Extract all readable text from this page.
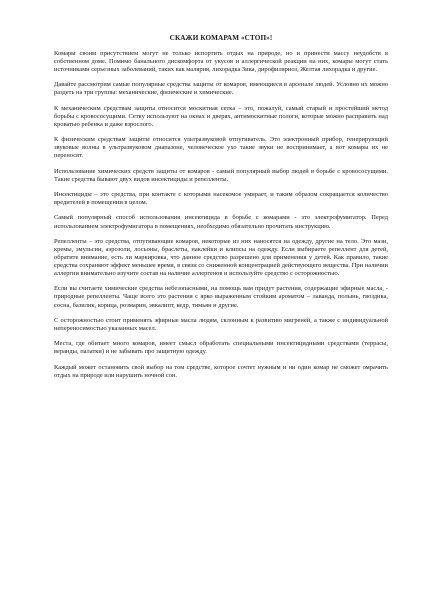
СКАЖИ КОМАРАМ «СТОП»!

Комары своим присутствием могут не только испортить отдых на природе, но и принести массу неудобств в собственном доме. Помимо банального дискомфорта от укусов и аллергической реакции на них, комары могут стать источниками серьезных заболеваний, таких как малярия, лихорадка Зика, дирофиляриоз, Желтая лихорадка и другие.

Давайте рассмотрим самые популярные средства защиты от комаров, имеющиеся в арсенале людей. Условно их можно раздеть на три группы: механические, физические и химические.

К механическим средствам защиты относится москитная сетка – это, пожалуй, самый старый и простейший метод борьбы с кровососущими. Сетку используют на окнах и дверях, антимоскитные пологи, которые можно расправить над кроватью ребенка и даже взрослого.

К физическим средствам защиты относится ультразвуковой отпугиватель. Это электронный прибор, генерирующий звуковые волны в ультразвуковом диапазоне, человеческое ухо такие звуки не воспринимает, а вот комары их не переносят.

Использование химических средств защиты от комаров - самый популярный выбор людей в борьбе с кровососущими. Такие средства бывают двух видов инсектициды и репелленты.

Инсектициды – это средства, при контакте с которыми насекомое умирает, и таким образом сокращается количество вредителей в помещении в целом.

Самый популярный способ использования инсектицида в борьбе с комарами - это электрофумигатор. Перед использованием электрофумигатора в помещениях, необходимо обязательно прочитать инструкцию.

Репелленты – это средства, отпугивающие комаров, некоторые из них наносятся на одежду, другие на тело. Это мази, кремы, эмульсии, аэрозоли, лосьоны, браслеты, наклейки и клипсы на одежду. Если выбираете репеллент для детей, обратите внимание, есть ли маркировка, что данное средство разрешено для применения у детей. Как правило, такие средства сохраняют эффект меньшее время, в связи со сниженной концентрацией действующего вещества. При наличии аллергии внимательно изучите состав на наличие аллергенов и используйте средство с осторожностью.

Если вы считаете химические средства небезопасными, на помощь вам придут растения, содержащие эфирные масла, - природные репелленты. Чаще всего это растения с ярко выраженным стойким ароматом – лаванда, полынь, гвоздика, сосна, базилик, корица, розмарин, эвкалипт, кедр, тимьян и другие.

С осторожностью стоит применять эфирные масла людям, склонным к развитию мигреней, а также с индивидуальной непереносимостью указанных масел.

Места, где обитает много комаров, имеет смысл обработать специальными инсектицидными средствами (террасы, веранды, палатки) и не забывать про защитную одежду.

Каждый может остановить свой выбор на том средстве, которое сочтет нужным и ни один комар не сможет омрачить отдых на природе или нарушить ночной сон.
